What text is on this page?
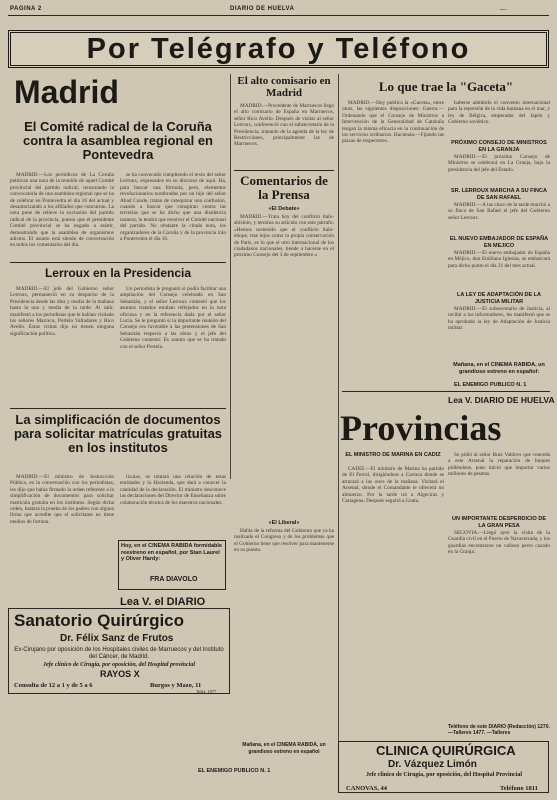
PAGINA 2	DIARIO DE HUELVA	...
Por Telégrafo y Teléfono
Madrid
El Comité radical de la Coruña contra la asamblea regional en Pontevedra

MADRID.—Los periódicos de La Coruña publican una nota de la reunión de aquel Comité provincial del partido radical, censurando la convocatoria de una asamblea regional que se ha de celebrar en Pontevedra el día 16 del actual y desautorizando a los afiliados que concurran. La nota pone de relieve la exclusión del partido radical de la provincia, puesto que el presidente Comité provincial se ha negado a asistir, demostrando que la asamblea de organismos adictos. El asunto está siendo de conversación en todos los comentarios del día.

se ha convocado cumpliendo el texto del señor Lerroux, expresados en su discurso de aquí. Ha, para buscar una fórmula, pero, elementos revolucionarios nombrados por un hijo del señor Abad Conde, tratan de catequizar una confusión, cuando a buscar que conspiran contra las tercerías que se ha dicho que una disidencia manera, la tendrá que resolver el Comité nacional del partido. No obstante la citada nota, los organizadores de la Coruña y de la provincia irán a Pontevedra el día 16.

Lerroux en la Presidencia

MADRID.—El jefe del Gobierno señor Lerroux, permaneció en su despacho de la Presidencia desde las diez y media de la mañana hasta la una y media de la tarde. Al salir, manifestó a los periodistas que le habían visitado los señores Marraco, Portela Valladares y Rico Avello. Estas visitas dijo no tienen ninguna significación política.

Un periodista le preguntó si podía facilitar una ampliación del Consejo celebrado en San Sebastián, y el señor Lerroux contestó que los asuntos tratados estaban reflejados en la nota oficiosa y en la referencia dada por el señor Lucía. Se le preguntó si la importante reunión del Consejo era favorable a las pretensiones de San Sebastián respecto a las obras y el jefe del Gobierno contestó: Es asunto que se ha tratado con el señor Portela.

La simplificación de documentos para solicitar matrículas gratuitas en los institutos

MADRID.—El ministro de Instrucción Pública, en la conversación con los periodistas, les dijo que había firmado la orden referente a la simplificación de documentos para solicitar matrícula gratuita en los institutos. Según dicha orden, bastará la prueba de los padres con alguna firma que acredite que el solicitante no tiene medios de fortuna.

lículas, se tomará una relación de estas entidades y la Hacienda, que dará a conocer la cantidad de la declaración. El ministro desconoce las declaraciones del Director de Enseñanza sobre colaboración técnica de los maestros nacionales.

Hoy, en el CINEMA RABIDA formidable reestreno en español, por Stan Laurel y Oliver Hardy:
FRA DIAVOLO
Lea V. el DIARIO
Sanatorio Quirúrgico
Dr. Félix Sanz de Frutos
Ex-Cirujano por oposición de los Hospitales civiles de Marruecos y del Instituto del Cáncer, de Madrid.
Jefe clínico de Cirugía, por oposición, del Hospital provincial
RAYOS X
Consulta de 12 a 1 y de 5 a 6	Burgos y Mazo, 11
Teléf. 1077
El alto comisario en Madrid

MADRID.—Procedente de Marruecos llegó el alto comisario de España en Marruecos, señor Rico Avello. Después de visitar al señor Lerroux, conferenció con el subsecretario de la Presidencia, tratando de la agenda de la ley de Restricciones, principalmente las de Marruecos.

Comentarios de la Prensa
«El Debate»

MADRID.—Trata hoy del conflicto ítalo-abisinio, y termina su artículo con este párrafo: «Hemos sostenido que el conflicto ítalo-etíope, trae lejos como la propia conservación de Paris, es lo que el otro internacional de los ciudadanos nacionales, tiende a hacerse en el próximo Consejo del 3 de septiembre.»

«El Liberal»

Habla de la reforma del Gobierno que ya ha realizado el Congreso y de los problemas que el Gobierno tiene que resolver para mantenerse en su puesto.

Mañana, en el CINEMA RABIDA, un grandioso estreno en español
EL ENEMIGO PUBLICO N. 1
Lo que trae la "Gaceta"

MADRID.—Hoy publica la «Gaceta», entre otras, las siguientes disposiciones: Guerra.—Ordenando que el Consejo de Ministros a Intervención de la Generalidad de Cataluña tengan la misma eficacia en la continuación de los servicios ordinarios. Hacienda.—Fijando las plazas de inspectores.

haberse admitido el convenio internacional para la represión de la vida humana en el mar, y ley de Bélgica, emperador del Japón y Gobierno soviético.

PRÓXIMO CONSEJO DE MINISTROS EN LA GRANJA

MADRID.—El próximo Consejo de Ministros se celebrará en La Granja, bajo la presidencia del jefe del Estado.

SR. LERROUX MARCHA A SU FINCA DE SAN RAFAEL

MADRID.—A las cinco de la tarde marchó a su finca de San Rafael el jefe del Gobierno señor Lerroux.

EL NUEVO EMBAJADOR DE ESPAÑA EN MEJICO

MADRID.—El nuevo embajador de España en Méjico, don Emiliano Iglesias, se embarcará para dicho punto el día 21 del mes actual.

LA LEY DE ADAPTACIÓN DE LA JUSTICIA MILITAR

MADRID.—El subsecretario de Justicia, al recibir a los informadores, les manifestó que se ha aprobado la ley de Adaptación de Justicia militar.

Mañana, en el CINEMA RABIDA, un grandioso estreno en español:
EL ENEMIGO PUBLICO N. 1
Lea V. DIARIO DE HUELVA
Provincias
EL MINISTRO DE MARINA EN CADIZ

CADIZ.—El ministro de Marina ha partido de El Ferrol, dirigiéndose a Carraca donde se atracará a las once de la mañana. Visitará el Arsenal, donde el Comandante le ofrecerá un almuerzo. Por la tarde irá a Algeciras y Cartagena. Después seguirá a Ceuta.

Se pidió al señor Ruiz Valdovs que conceda a este Arsenal la reparación de buques pidiéndose, pues inició que importar varios millones de pesetas.

UN IMPORTANTE DESPERDICIO DE LA GRAN PESA

SEGOVIA.—Llegó ayer la visita de la Guardia civil en el Puerto de Navacerrada, y los guardias encontraron un valioso perro cazado en la Granja.

Teléfono de este DIARIO (Redacción) 1270. —Talleres 1477. —Talleres
CLINICA QUIRÚRGICA
Dr. Vázquez Limón
Jefe clínico de Cirugía, por oposición, del Hospital Provincial
CANOVAS, 44	Teléfono 1811
